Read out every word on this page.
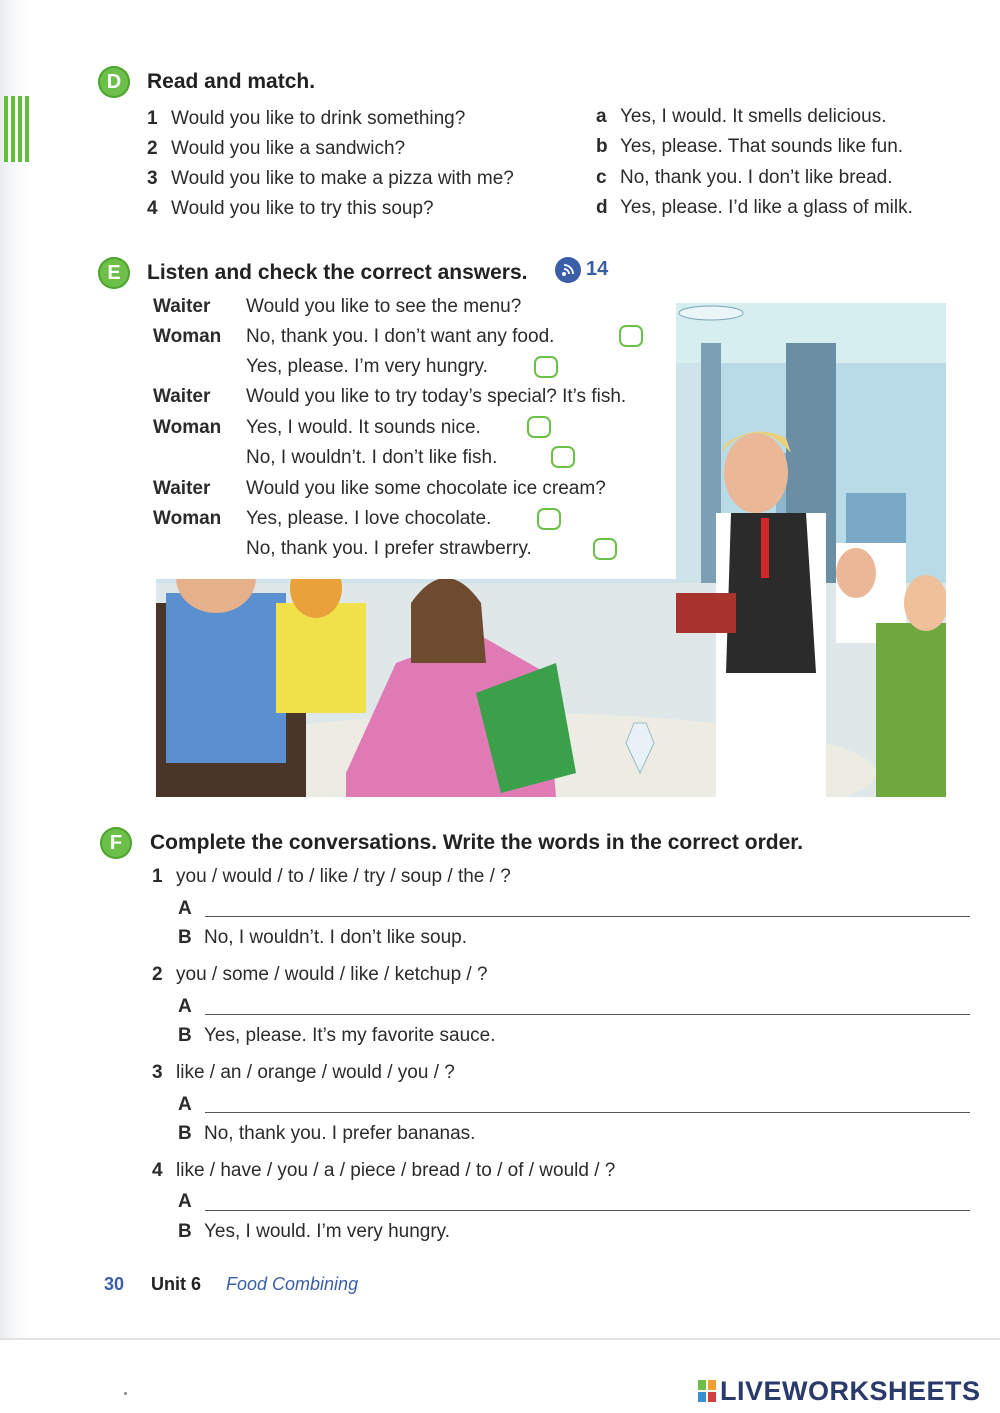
D	Read and match.
1 Would you like to drink something?
2 Would you like a sandwich?
3 Would you like to make a pizza with me?
4 Would you like to try this soup?
a Yes, I would. It smells delicious.
b Yes, please. That sounds like fun.
c No, thank you. I don’t like bread.
d Yes, please. I’d like a glass of milk.
E	Listen and check the correct answers.	14
Waiter Would you like to see the menu?
Woman No, thank you. I don’t want any food.
Yes, please. I’m very hungry.
Waiter Would you like to try today’s special? It’s fish.
Woman Yes, I would. It sounds nice.
No, I wouldn’t. I don’t like fish.
Waiter Would you like some chocolate ice cream?
Woman Yes, please. I love chocolate.
No, thank you. I prefer strawberry.
F	Complete the conversations. Write the words in the correct order.
1 you / would / to / like / try / soup / the / ?
A
B No, I wouldn’t. I don’t like soup.
2 you / some / would / like / ketchup / ?
A
B Yes, please. It’s my favorite sauce.
3 like / an / orange / would / you / ?
A
B No, thank you. I prefer bananas.
4 like / have / you / a / piece / bread / to / of / would / ?
A
B Yes, I would. I’m very hungry.
30 Unit 6 Food Combining
LIVEWORKSHEETS
